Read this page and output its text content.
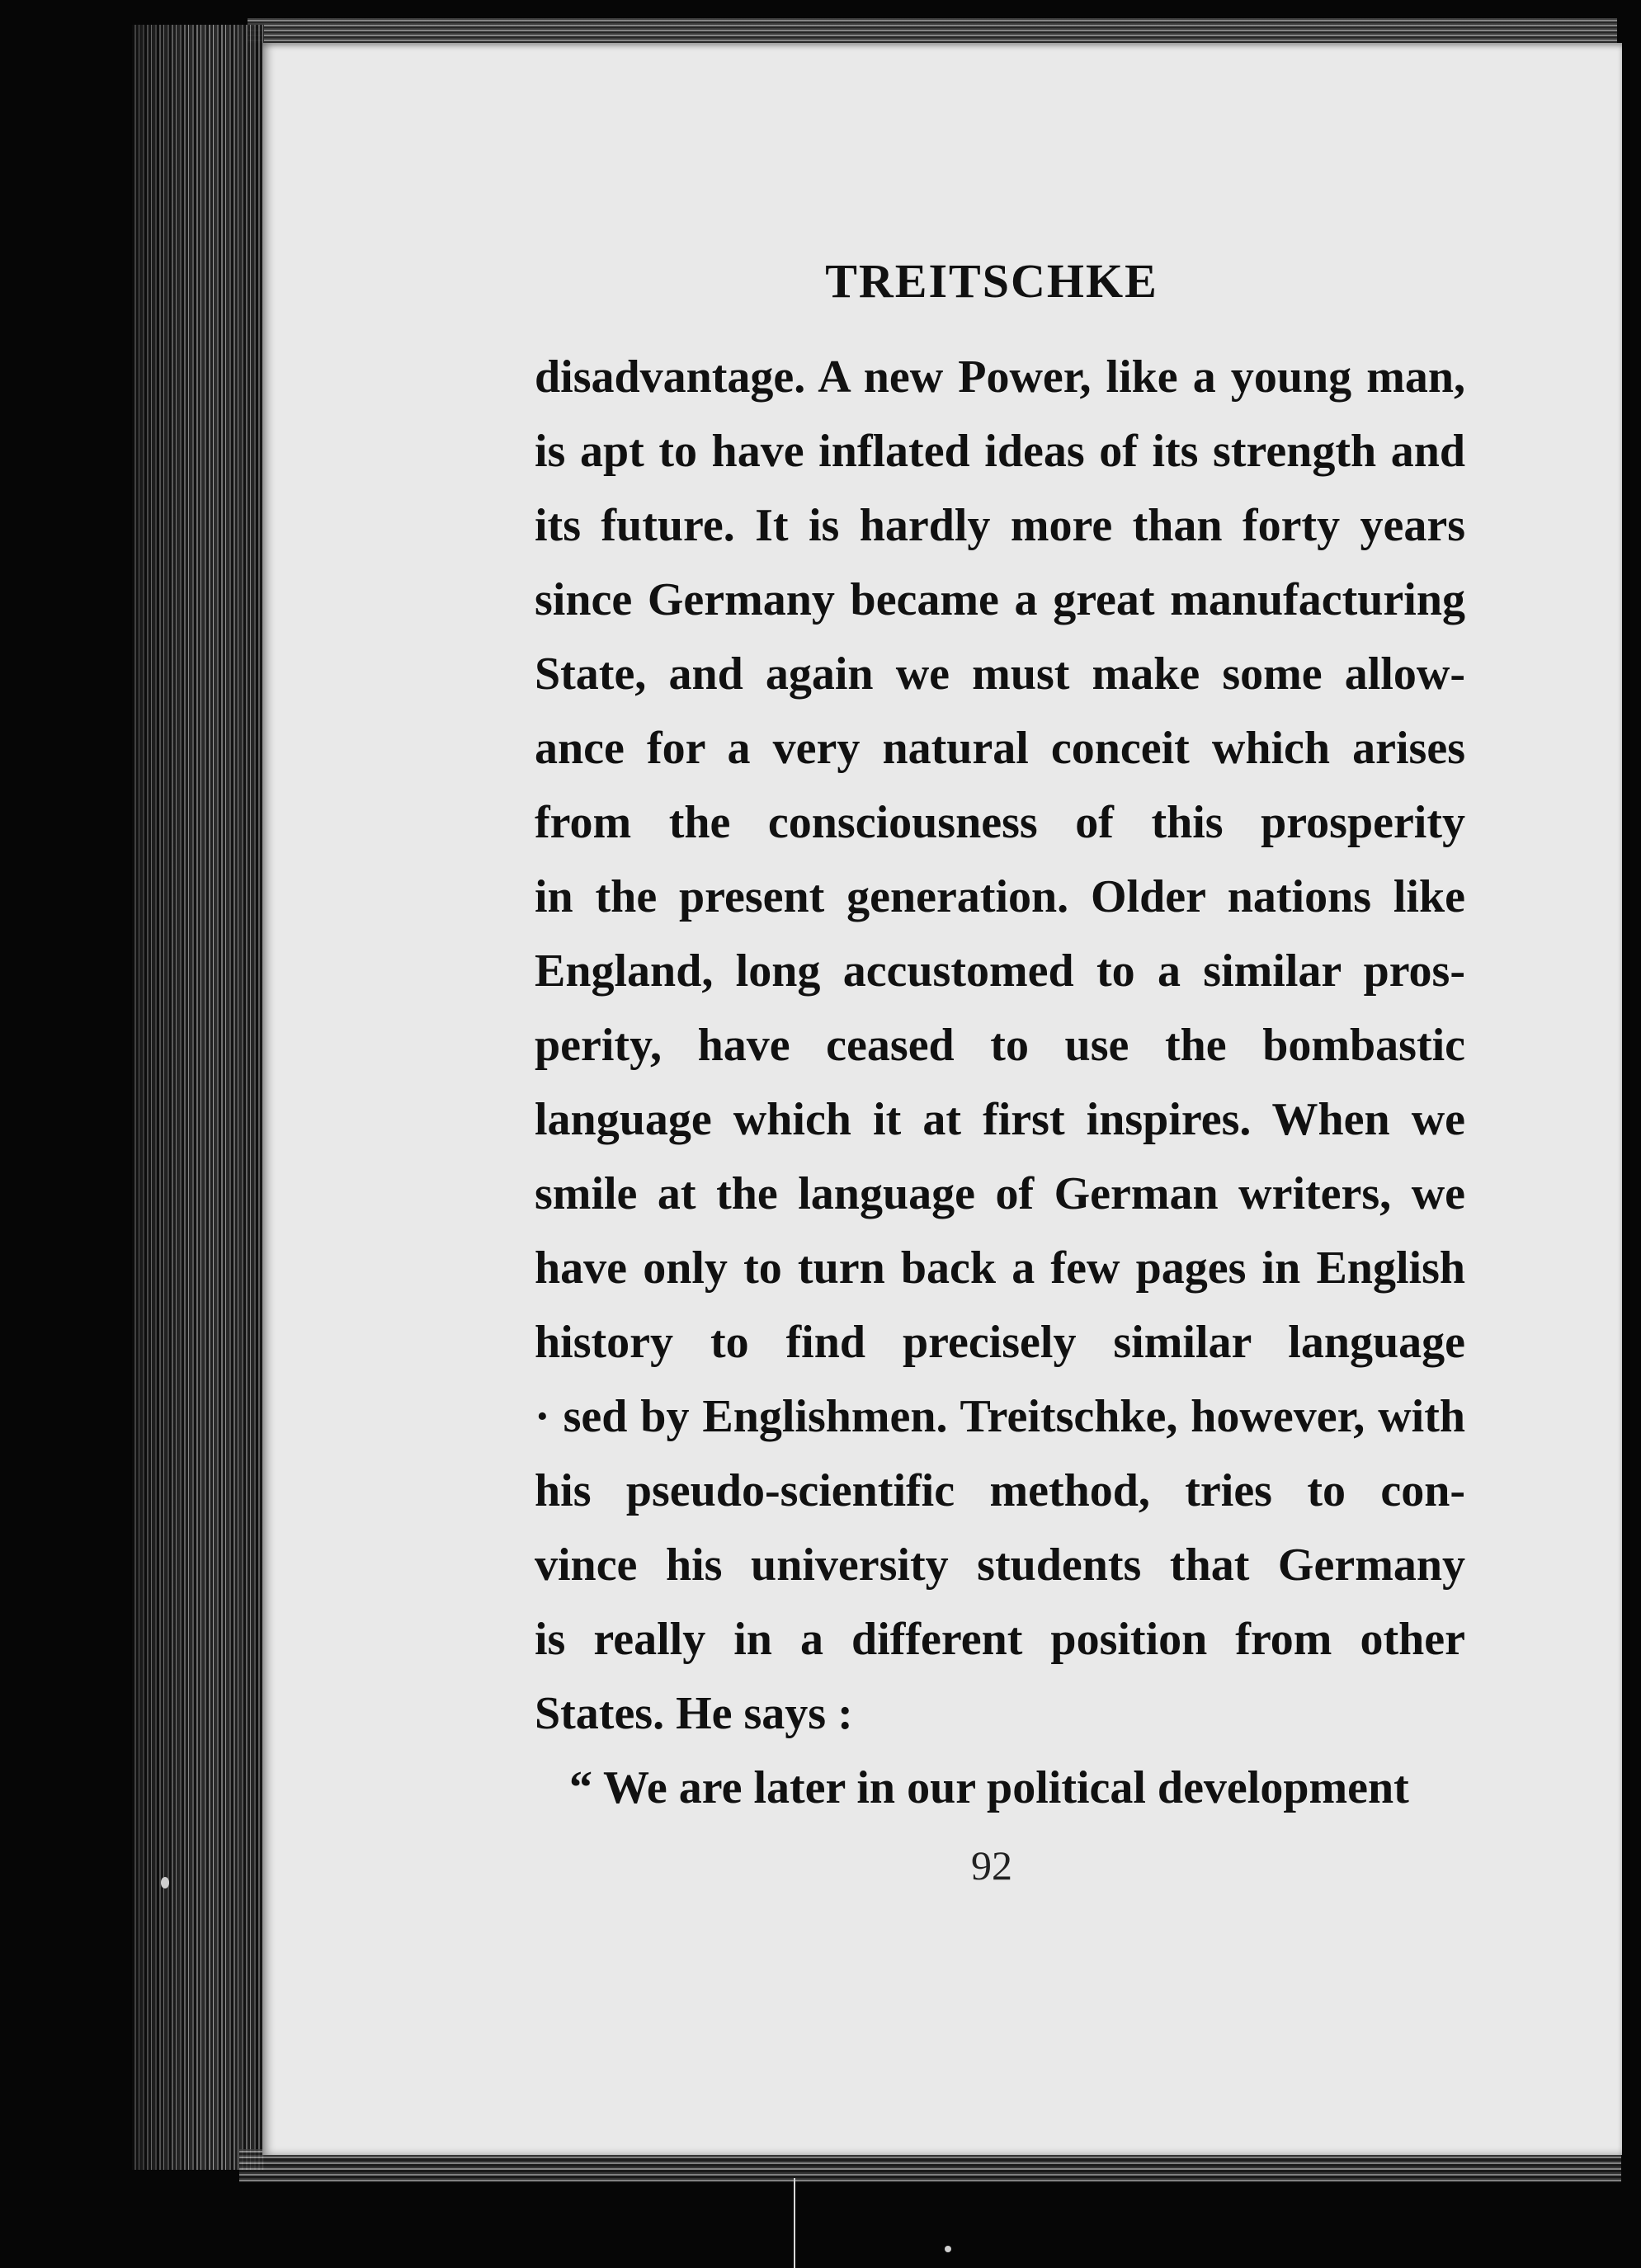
TREITSCHKE
disadvantage. A new Power, like a young man,
is apt to have inflated ideas of its strength and
its future. It is hardly more than forty years
since Germany became a great manufacturing
State, and again we must make some allow-
ance for a very natural conceit which arises
from the consciousness of this prosperity
in the present generation. Older nations like
England, long accustomed to a similar pros-
perity, have ceased to use the bombastic
language which it at first inspires. When we
smile at the language of German writers, we
have only to turn back a few pages in English
history to find precisely similar language
· sed by Englishmen. Treitschke, however, with
his pseudo-scientific method, tries to con-
vince his university students that Germany
is really in a different position from other
States. He says :
“ We are later in our political development
92
